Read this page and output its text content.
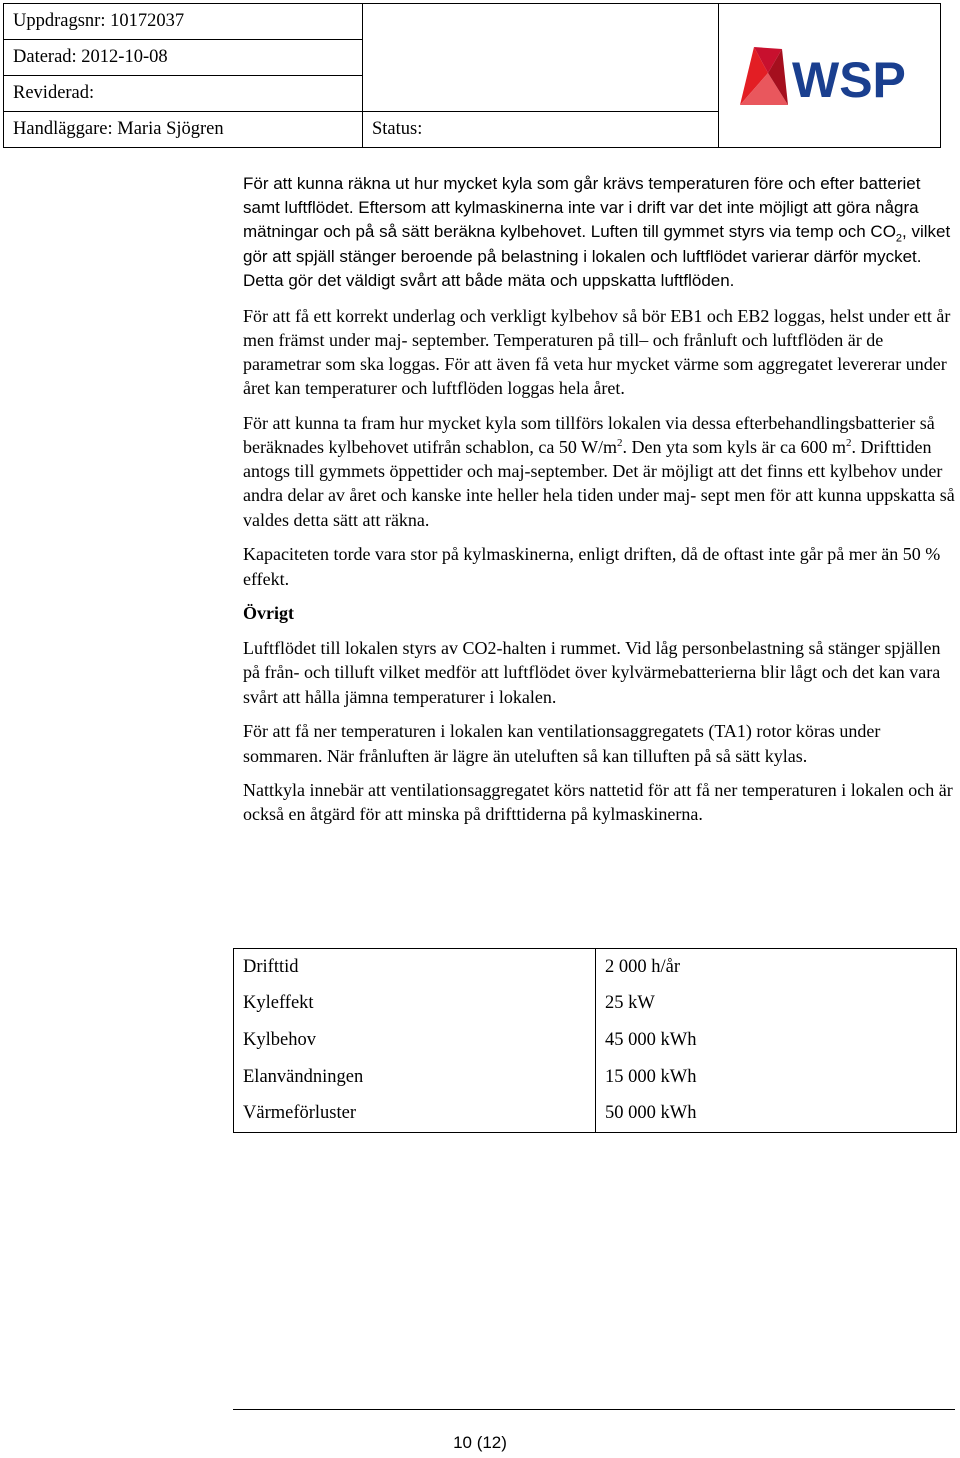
Uppdragsnr: 10172037		WSP

Daterad: 2012-10-08		
Reviderad:		
Handläggare: Maria Sjögren	Status:	

För att kunna räkna ut hur mycket kyla som går krävs temperaturen före och efter batteriet samt luftflödet. Eftersom att kylmaskinerna inte var i drift var det inte möjligt att göra några mätningar och på så sätt beräkna kylbehovet. Luften till gymmet styrs via temp och $CO_2$, vilket gör att spjäll stänger beroende på belastning i lokalen och luftflödet varierar därför mycket. Detta gör det väldigt svårt att både mäta och uppskatta luftflöden.

För att få ett korrekt underlag och verkligt kylbehov så bör EB1 och EB2 loggas, helst under ett år men främst under maj- september. Temperaturen på till– och frånluft och luftflöden är de parametrar som ska loggas. För att även få veta hur mycket värme som aggregatet levererar under året kan temperaturer och luftflöden loggas hela året.

För att kunna ta fram hur mycket kyla som tillförs lokalen via dessa efterbehandlingsbatterier så beräknades kylbehovet utifrån schablon, ca 50 $W/m^2$. Den yta som kyls är ca 600 $m^2$. Drifttiden antogs till gymmets öppettider och maj-september. Det är möjligt att det finns ett kylbehov under andra delar av året och kanske inte heller hela tiden under maj- sept men för att kunna uppskatta så valdes detta sätt att räkna.

Kapaciteten torde vara stor på kylmaskinerna, enligt driften, då de oftast inte går på mer än 50 % effekt.

Övrigt

Luftflödet till lokalen styrs av CO2-halten i rummet. Vid låg personbelastning så stänger spjällen på från- och tilluft vilket medför att luftflödet över kylvärmebatterierna blir lågt och det kan vara svårt att hålla jämna temperaturer i lokalen.

För att få ner temperaturen i lokalen kan ventilationsaggregatets (TA1) rotor köras under sommaren. När frånluften är lägre än uteluften så kan tilluften på så sätt kylas.

Nattkyla innebär att ventilationsaggregatet körs nattetid för att få ner temperaturen i lokalen och är också en åtgärd för att minska på drifttiderna på kylmaskinerna.

Drifttid	2 000 h/år
Kyleffekt	25 kW
Kylbehov	45 000 kWh
Elanvändningen	15 000 kWh
Värmeförluster	50 000 kWh
10 (12)
